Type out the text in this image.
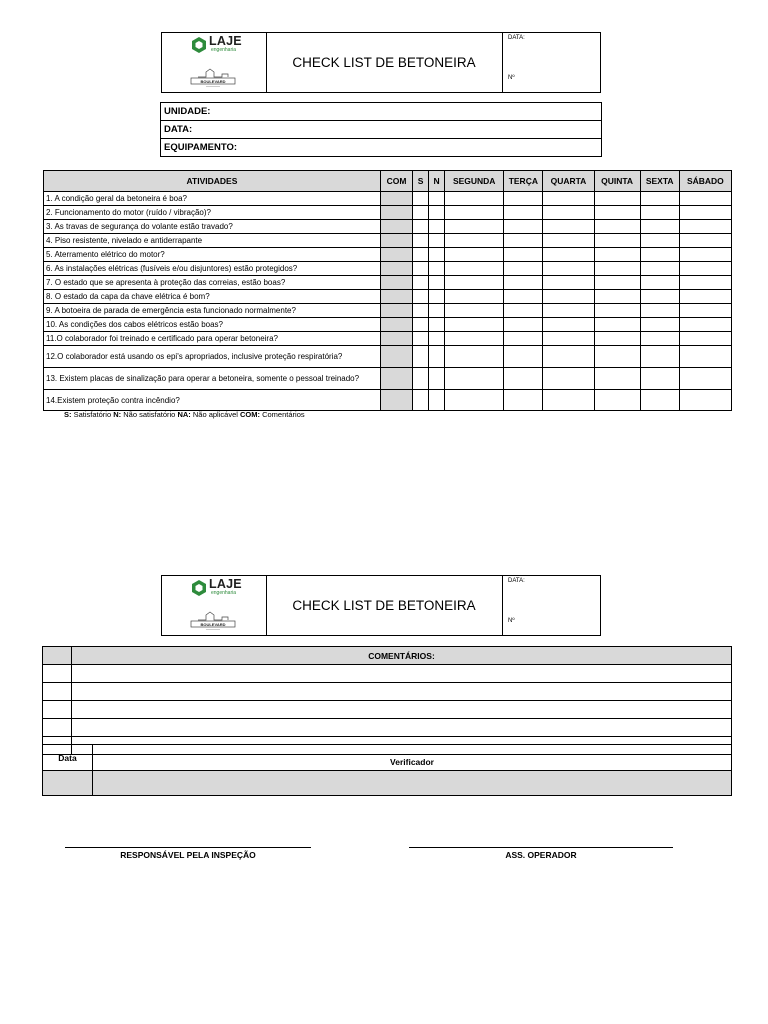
LAJE
engenharia
BOULEVARD
CHECK LIST DE BETONEIRA
DATA:
Nº
UNIDADE:
DATA:
EQUIPAMENTO:
ATIVIDADES	COM	S	N	SEGUNDA	TERÇA	QUARTA	QUINTA	SEXTA	SÁBADO
1. A condição geral da betoneira é boa?									
2. Funcionamento do motor (ruído / vibração)?									
3. As travas de segurança do volante estão travado?									
4. Piso resistente, nivelado e antiderrapante									
5. Aterramento elétrico do motor?									
6. As instalações elétricas (fusíveis e/ou disjuntores) estão protegidos?									
7. O estado que se apresenta à proteção das correias, estão boas?									
8. O estado da capa da chave elétrica é bom?									
9. A botoeira de parada de emergência esta funcionado normalmente?									
10. As condições dos cabos elétricos estão boas?									
11.O colaborador foi treinado e certificado para operar betoneira?									
12.O colaborador está usando os epi's apropriados, inclusive proteção respiratória?									
13. Existem placas de sinalização para operar a betoneira, somente o pessoal treinado?									
14.Existem proteção contra incêndio?									
S: Satisfatório N: Não satisfatório NA: Não aplicável COM: Comentários
LAJE
engenharia
BOULEVARD
CHECK LIST DE BETONEIRA
DATA:
Nº
	COMENTÁRIOS:

Data	Verificador

RESPONSÁVEL PELA INSPEÇÃO	ASS. OPERADOR
